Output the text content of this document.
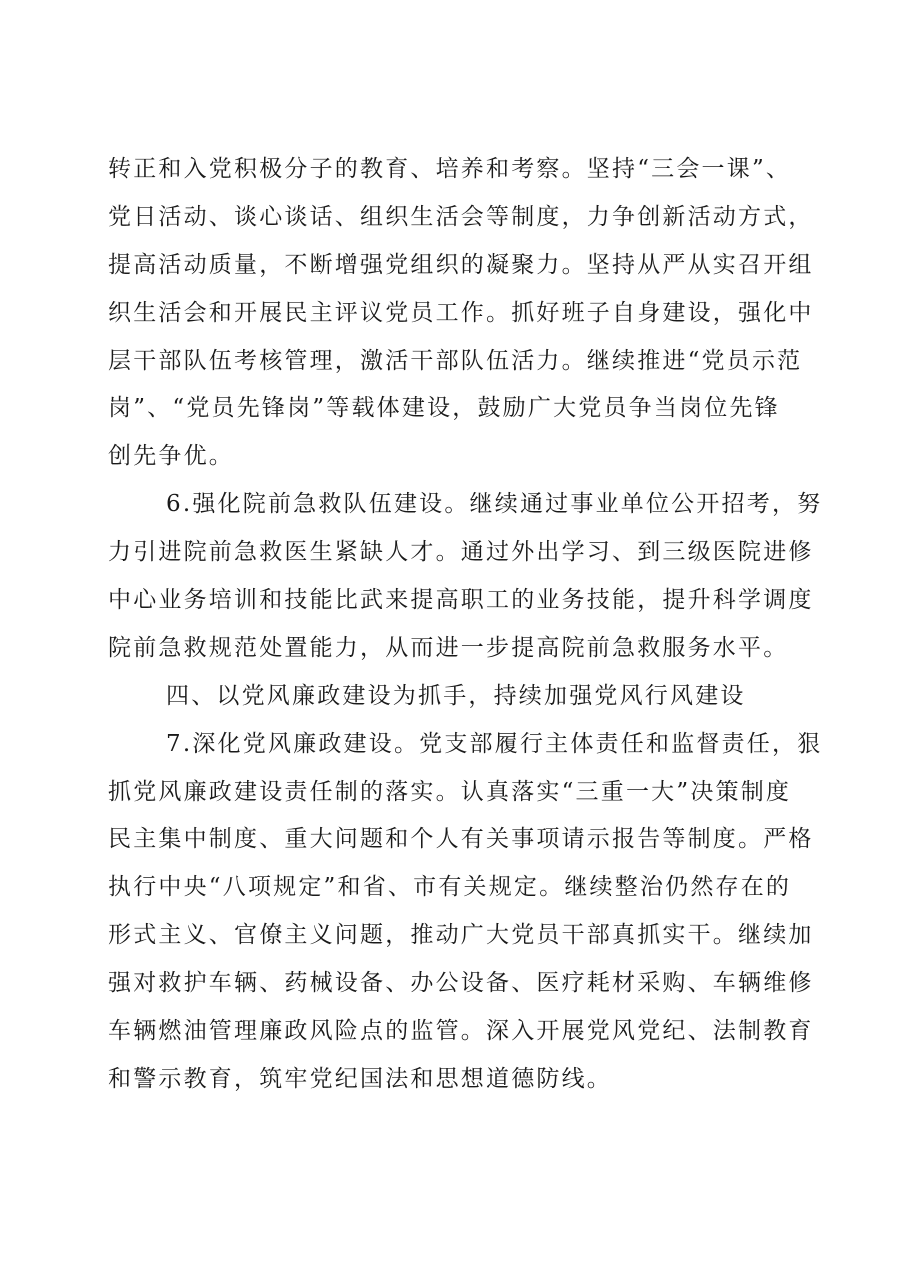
转正和入党积极分子的教育、培养和考察。坚持“三会一课”、
党日活动、谈心谈话、组织生活会等制度，力争创新活动方式，
提高活动质量，不断增强党组织的凝聚力。坚持从严从实召开组
织生活会和开展民主评议党员工作。抓好班子自身建设，强化中
层干部队伍考核管理，激活干部队伍活力。继续推进“党员示范
岗”、“党员先锋岗”等载体建设，鼓励广大党员争当岗位先锋
创先争优。
6.强化院前急救队伍建设。继续通过事业单位公开招考，努
力引进院前急救医生紧缺人才。通过外出学习、到三级医院进修
中心业务培训和技能比武来提高职工的业务技能，提升科学调度
院前急救规范处置能力，从而进一步提高院前急救服务水平。
四、以党风廉政建设为抓手，持续加强党风行风建设
7.深化党风廉政建设。党支部履行主体责任和监督责任，狠
抓党风廉政建设责任制的落实。认真落实“三重一大”决策制度
民主集中制度、重大问题和个人有关事项请示报告等制度。严格
执行中央“八项规定”和省、市有关规定。继续整治仍然存在的
形式主义、官僚主义问题，推动广大党员干部真抓实干。继续加
强对救护车辆、药械设备、办公设备、医疗耗材采购、车辆维修
车辆燃油管理廉政风险点的监管。深入开展党风党纪、法制教育
和警示教育，筑牢党纪国法和思想道德防线。
